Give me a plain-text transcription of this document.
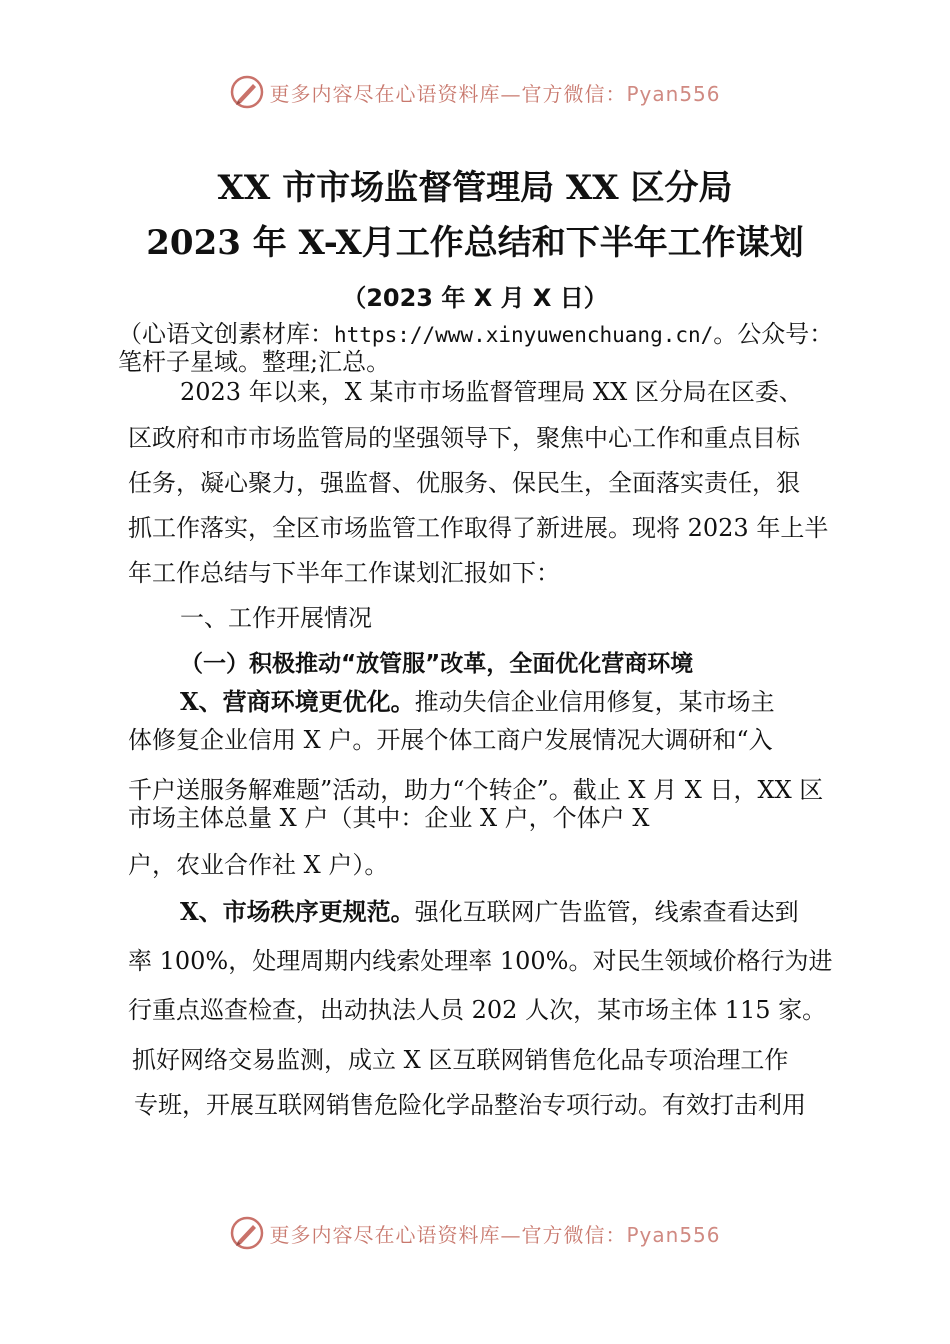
更多内容尽在心语资料库—官方微信：Pyan556
XX 市市场监督管理局 XX 区分局
2023 年 X-X月工作总结和下半年工作谋划
（2023 年 X 月 X 日）
（心语文创素材库：https://www.xinyuwenchuang.cn/。公众号：
笔杆子星域。整理;汇总。
2023 年以来，X 某市市场监督管理局 XX 区分局在区委、
区政府和市市场监管局的坚强领导下，聚焦中心工作和重点目标
任务，凝心聚力，强监督、优服务、保民生，全面落实责任，狠
抓工作落实，全区市场监管工作取得了新进展。现将 2023 年上半
年工作总结与下半年工作谋划汇报如下：
一、工作开展情况
（一）积极推动“放管服”改革，全面优化营商环境
X、营商环境更优化。推动失信企业信用修复，某市场主
体修复企业信用 X 户。开展个体工商户发展情况大调研和“入
千户送服务解难题”活动，助力“个转企”。截止 X 月 X 日，XX 区
市场主体总量 X 户（其中：企业 X 户，个体户 X
户，农业合作社 X 户）。
X、市场秩序更规范。强化互联网广告监管，线索查看达到
率 100%，处理周期内线索处理率 100%。对民生领域价格行为进
行重点巡查检查，出动执法人员 202 人次，某市场主体 115 家。
抓好网络交易监测，成立 X 区互联网销售危化品专项治理工作
专班，开展互联网销售危险化学品整治专项行动。有效打击利用
更多内容尽在心语资料库—官方微信：Pyan556
